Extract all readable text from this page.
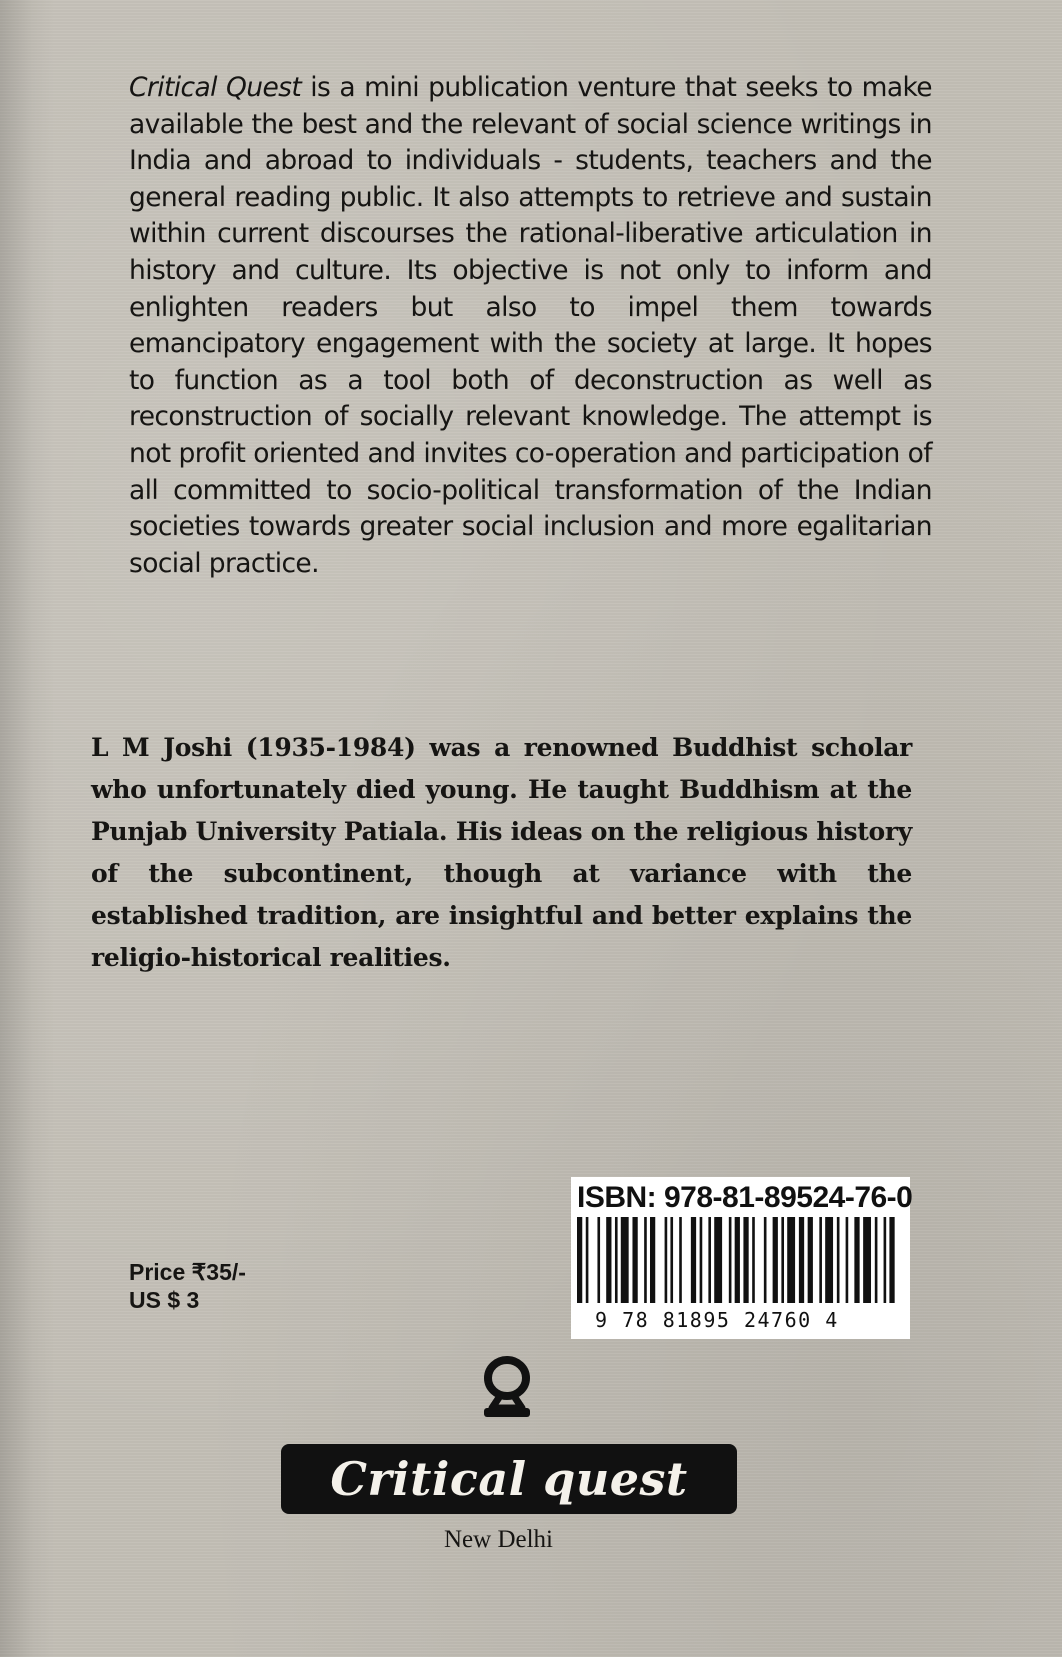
Critical Quest is a mini publication venture that seeks to make available the best and the relevant of social science writings in India and abroad to individuals - students, teachers and the general reading public. It also attempts to retrieve and sustain within current discourses the rational-liberative articulation in history and culture. Its objective is not only to inform and enlighten readers but also to impel them towards emancipatory engagement with the society at large. It hopes to function as a tool both of deconstruction as well as reconstruction of socially relevant knowledge. The attempt is not profit oriented and invites co-operation and participation of all committed to socio-political transformation of the Indian societies towards greater social inclusion and more egalitarian social practice.

L M Joshi (1935-1984) was a renowned Buddhist scholar who unfortunately died young. He taught Buddhism at the Punjab University Patiala. His ideas on the religious history of the subcontinent, though at variance with the established tradition, are insightful and better explains the religio-historical realities.

ISBN: 978-81-89524-76-0
9 78 81895 24760 4
Price ₹35/-
US $ 3
Critical quest
New Delhi
